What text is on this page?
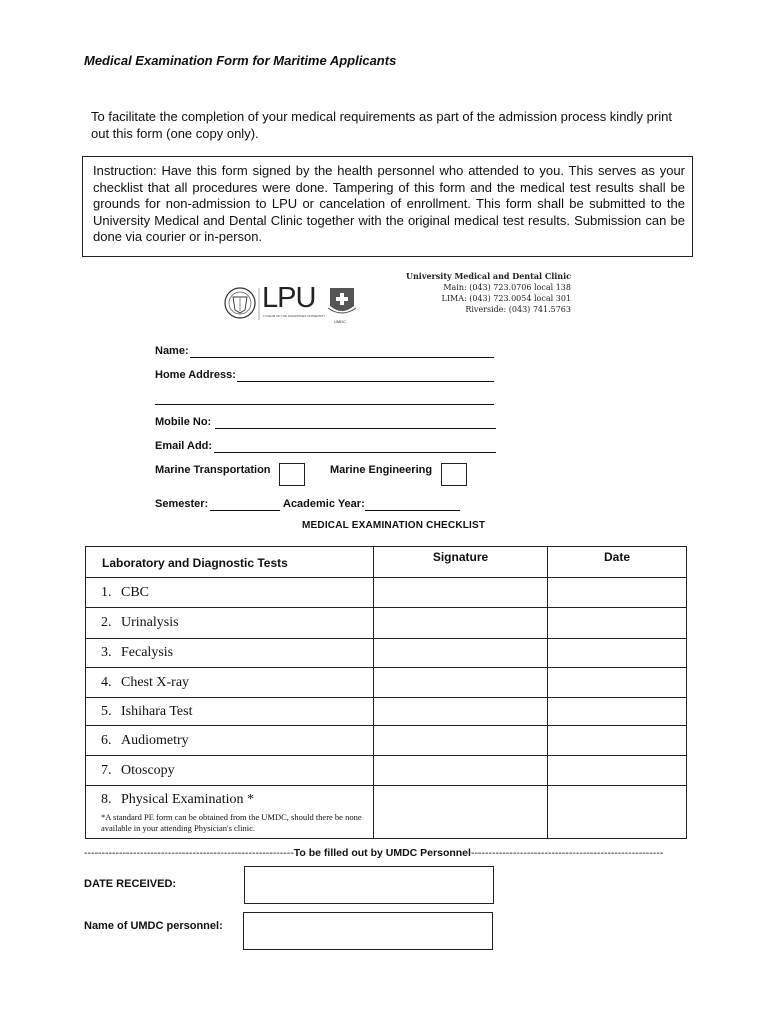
Medical Examination Form for Maritime Applicants
To facilitate the completion of your medical requirements as part of the admission process kindly print out this form (one copy only).
Instruction: Have this form signed by the health personnel who attended to you. This serves as your checklist that all procedures were done. Tampering of this form and the medical test results shall be grounds for non-admission to LPU or cancelation of enrollment. This form shall be submitted to the University Medical and Dental Clinic together with the original medical test results. Submission can be done via courier or in-person.
LPU
LYCEUM OF THE PHILIPPINES UNIVERSITY
UMDC
University Medical and Dental Clinic
Main: (043) 723.0706 local 138
LIMA: (043) 723.0054 local 301
Riverside: (043) 741.5763
Name:
Home Address:
Mobile No:
Email Add:
Marine Transportation	Marine Engineering
Semester:	Academic Year:
MEDICAL EXAMINATION CHECKLIST
Laboratory and Diagnostic Tests	Signature	Date
1. CBC		
2. Urinalysis		
3. Fecalysis		
4. Chest X-ray		
5. Ishihara Test		
6. Audiometry		
7. Otoscopy		

8. Physical Examination *
*A standard PE form can be obtained from the UMDC, should there be none available in your attending Physician's clinic.		

------------------------------------------------------------To be filled out by UMDC Personnel-------------------------------------------------------
DATE RECEIVED:
Name of UMDC personnel:
